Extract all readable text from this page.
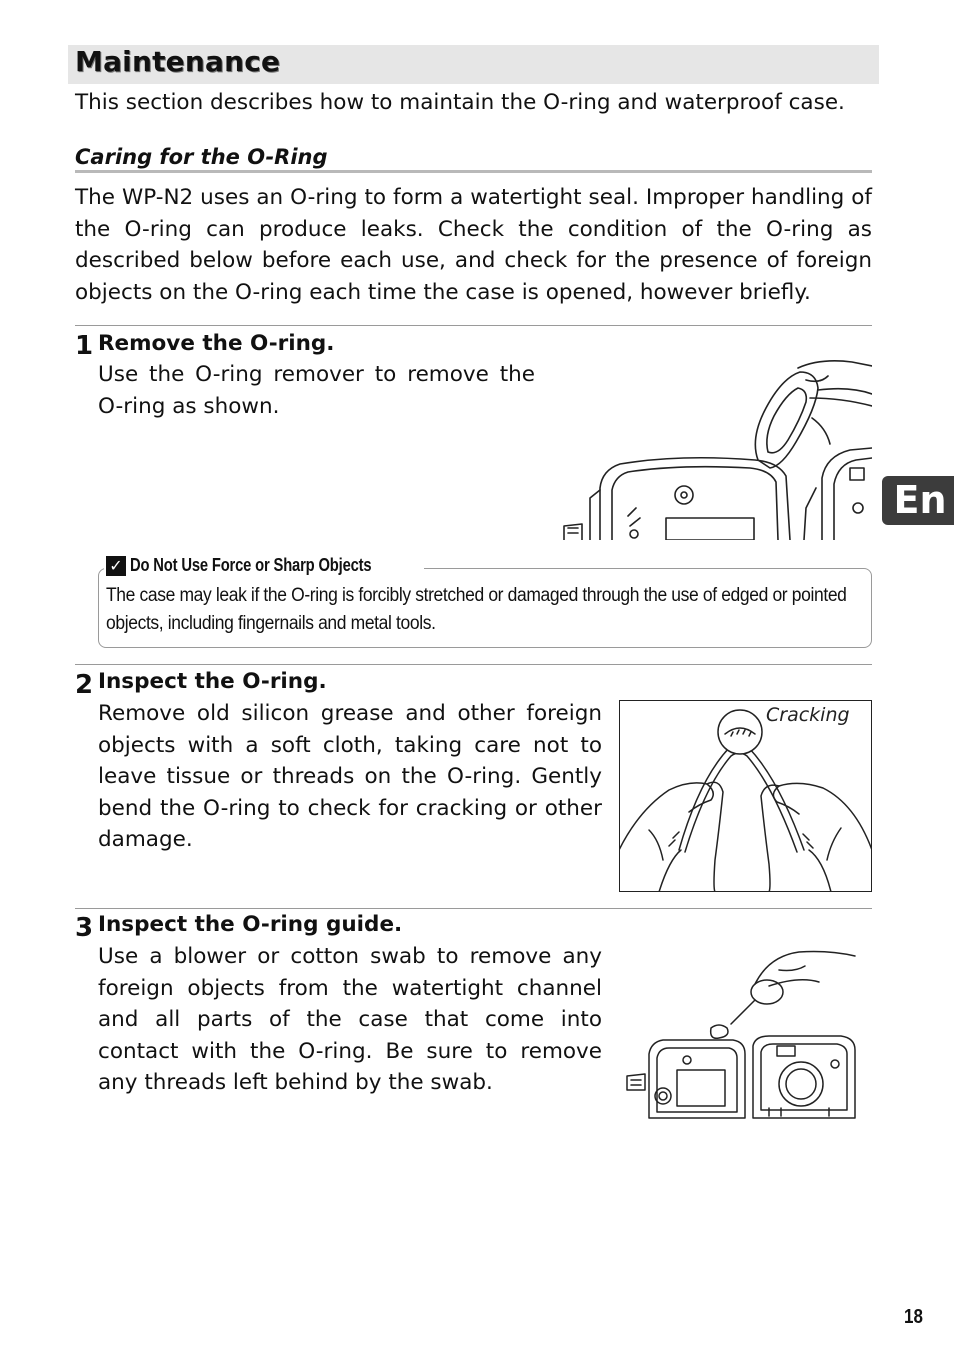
Maintenance
This section describes how to maintain the O-ring and waterproof case.
Caring for the O-Ring
The WP-N2 uses an O-ring to form a watertight seal. Improper handling of the O-ring can produce leaks. Check the condition of the O-ring as described below before each use, and check for the presence of foreign objects on the O-ring each time the case is opened, however briefly.
1 Remove the O-ring.
Use the O-ring remover to remove the O-ring as shown.
✓ Do Not Use Force or Sharp Objects
The case may leak if the O-ring is forcibly stretched or damaged through the use of edged or pointed objects, including fingernails and metal tools.
2 Inspect the O-ring.
Remove old silicon grease and other foreign objects with a soft cloth, taking care not to leave tissue or threads on the O-ring. Gently bend the O-ring to check for cracking or other damage.
Cracking
3 Inspect the O-ring guide.
Use a blower or cotton swab to remove any foreign objects from the watertight channel and all parts of the case that come into contact with the O-ring. Be sure to remove any threads left behind by the swab.
En
18
